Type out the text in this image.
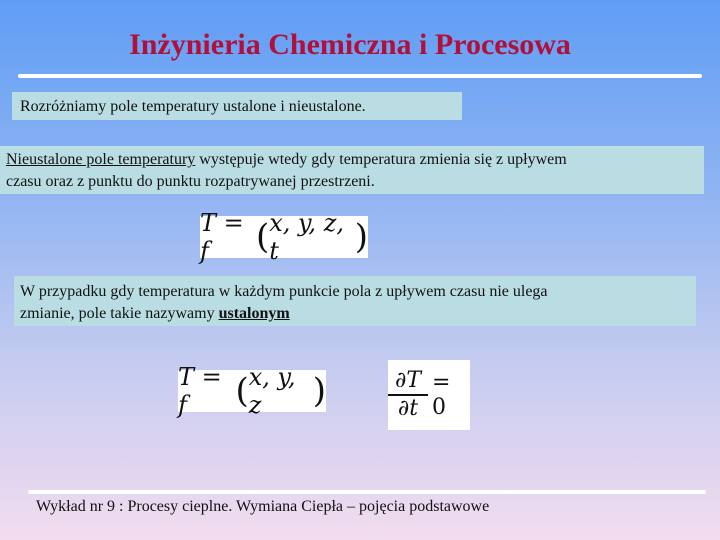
Inżynieria Chemiczna i Procesowa
Rozróżniamy pole temperatury ustalone i nieustalone.
Nieustalone pole temperatury występuje wtedy gdy temperatura zmienia się z upływem
czasu oraz z punktu do punktu rozpatrywanej przestrzeni.
T = f	( x, y, z, t	)
W przypadku gdy temperatura w każdym punkcie pola z upływem czasu nie ulega
zmianie, pole takie nazywamy ustalonym
T = f	( x, y, z	)	$\frac{\partial T}{\partial t} = 0$
Wykład nr 9 : Procesy cieplne. Wymiana Ciepła – pojęcia podstawowe
